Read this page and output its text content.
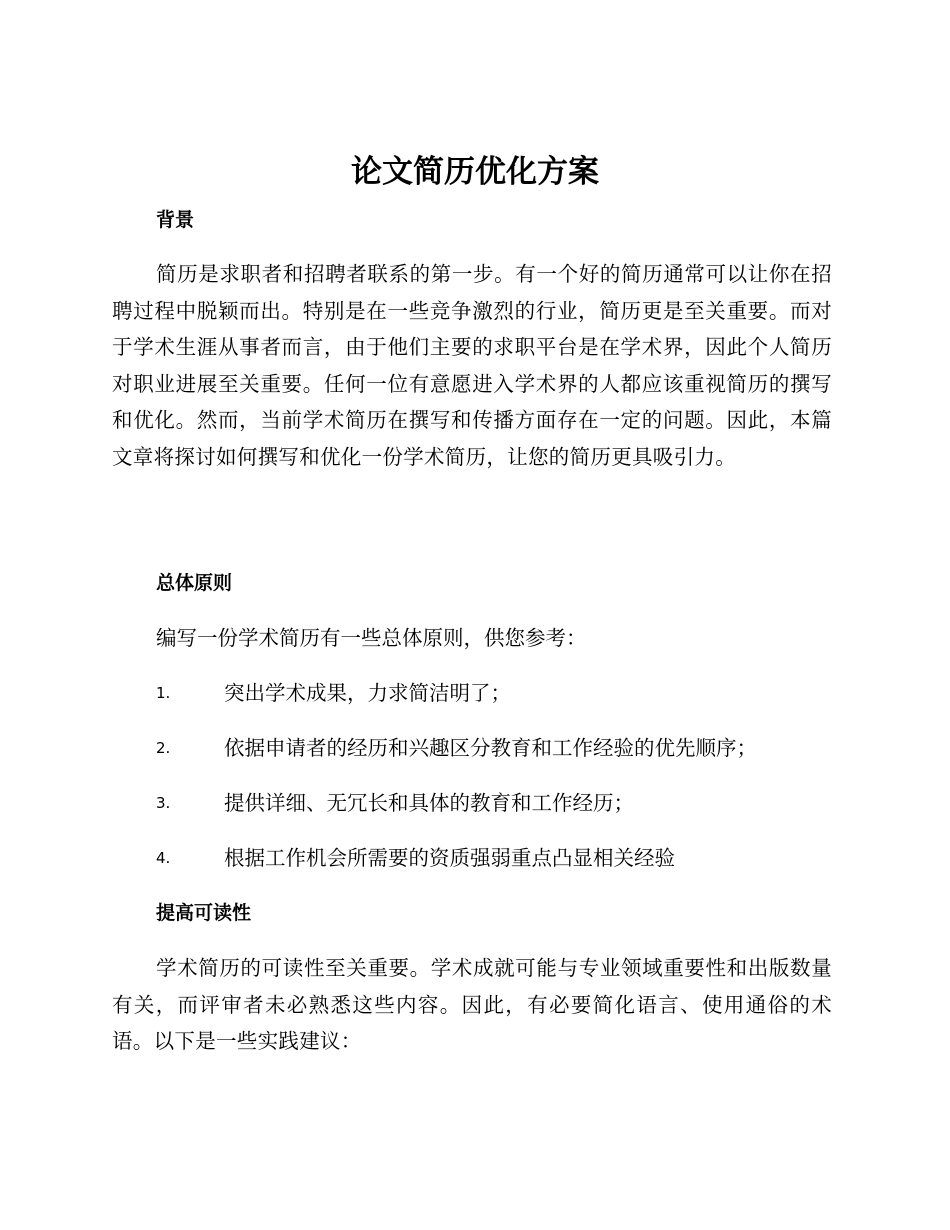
论文简历优化方案
背景

简历是求职者和招聘者联系的第一步。有一个好的简历通常可以让你在招聘过程中脱颖而出。特别是在一些竞争激烈的行业，简历更是至关重要。而对于学术生涯从事者而言，由于他们主要的求职平台是在学术界，因此个人简历对职业进展至关重要。任何一位有意愿进入学术界的人都应该重视简历的撰写和优化。然而，当前学术简历在撰写和传播方面存在一定的问题。因此，本篇文章将探讨如何撰写和优化一份学术简历，让您的简历更具吸引力。

总体原则

编写一份学术简历有一些总体原则，供您参考：

1.	突出学术成果，力求简洁明了；
2.	依据申请者的经历和兴趣区分教育和工作经验的优先顺序；
3.	提供详细、无冗长和具体的教育和工作经历；
4.	根据工作机会所需要的资质强弱重点凸显相关经验
提高可读性

学术简历的可读性至关重要。学术成就可能与专业领域重要性和出版数量有关，而评审者未必熟悉这些内容。因此，有必要简化语言、使用通俗的术语。以下是一些实践建议：
